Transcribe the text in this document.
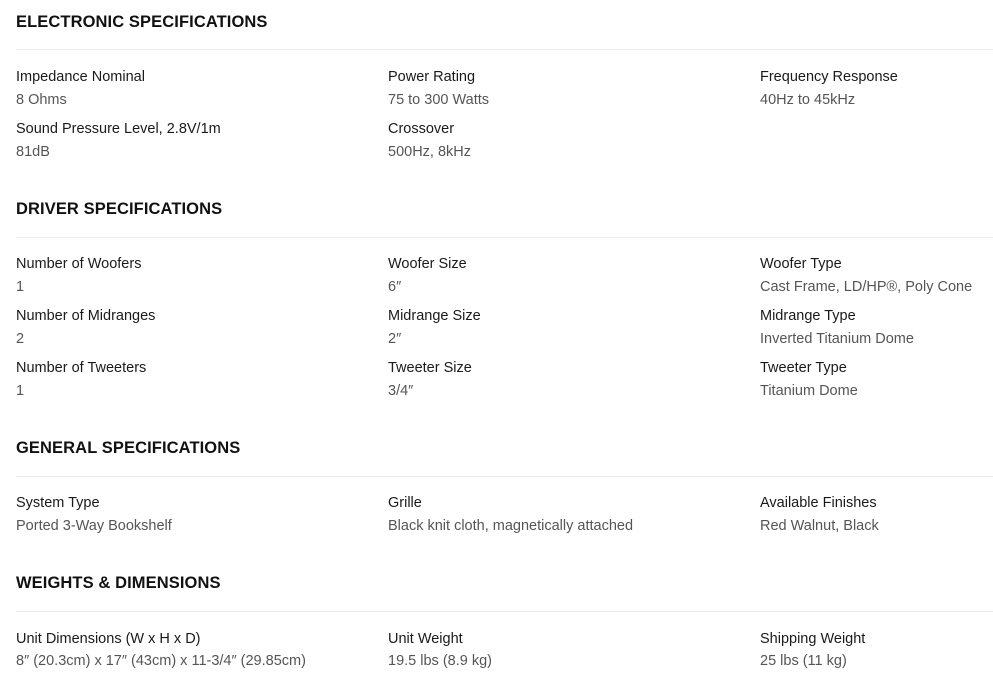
ELECTRONIC SPECIFICATIONS
Impedance Nominal
8 Ohms
Power Rating
75 to 300 Watts
Frequency Response
40Hz to 45kHz
Sound Pressure Level, 2.8V/1m
81dB
Crossover
500Hz, 8kHz
DRIVER SPECIFICATIONS
Number of Woofers
1
Woofer Size
6″
Woofer Type
Cast Frame, LD/HP®, Poly Cone
Number of Midranges
2
Midrange Size
2″
Midrange Type
Inverted Titanium Dome
Number of Tweeters
1
Tweeter Size
3/4″
Tweeter Type
Titanium Dome
GENERAL SPECIFICATIONS
System Type
Ported 3-Way Bookshelf
Grille
Black knit cloth, magnetically attached
Available Finishes
Red Walnut, Black
WEIGHTS & DIMENSIONS
Unit Dimensions (W x H x D)
8″ (20.3cm) x 17″ (43cm) x 11-3/4″ (29.85cm)
Unit Weight
19.5 lbs (8.9 kg)
Shipping Weight
25 lbs (11 kg)
